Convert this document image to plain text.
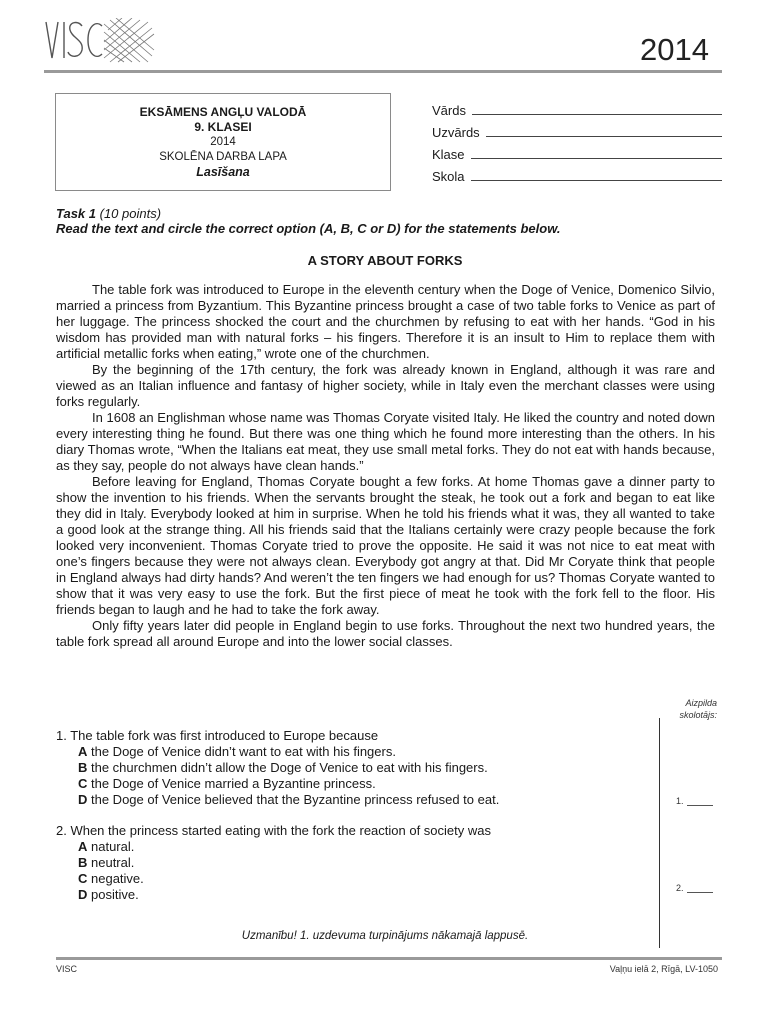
2014
EKSĀMENS ANGĻU VALODĀ
9. KLASEI
2014
SKOLĒNA DARBA LAPA
Lasīšana
Vārds
Uzvārds
Klase
Skola
Task 1 (10 points)
Read the text and circle the correct option (A, B, C or D) for the statements below.
A STORY ABOUT FORKS

The table fork was introduced to Europe in the eleventh century when the Doge of Venice, Domenico Silvio, married a princess from Byzantium. This Byzantine princess brought a case of two table forks to Venice as part of her luggage. The princess shocked the court and the churchmen by refusing to eat with her hands. “God in his wisdom has provided man with natural forks – his fingers. Therefore it is an insult to Him to replace them with artificial metallic forks when eating,” wrote one of the churchmen.

By the beginning of the 17th century, the fork was already known in England, although it was rare and viewed as an Italian influence and fantasy of higher society, while in Italy even the merchant classes were using forks regularly.

In 1608 an Englishman whose name was Thomas Coryate visited Italy. He liked the country and noted down every interesting thing he found. But there was one thing which he found more interesting than the others. In his diary Thomas wrote, “When the Italians eat meat, they use small metal forks. They do not eat with hands because, as they say, people do not always have clean hands.”

Before leaving for England, Thomas Coryate bought a few forks. At home Thomas gave a dinner party to show the invention to his friends. When the servants brought the steak, he took out a fork and began to eat like they did in Italy. Everybody looked at him in surprise. When he told his friends what it was, they all wanted to take a good look at the strange thing. All his friends said that the Italians certainly were crazy people because the fork looked very inconvenient. Thomas Coryate tried to prove the opposite. He said it was not nice to eat meat with one’s fingers because they were not always clean. Everybody got angry at that. Did Mr Coryate think that people in England always had dirty hands? And weren’t the ten fingers we had enough for us? Thomas Coryate wanted to show that it was very easy to use the fork. But the first piece of meat he took with the fork fell to the floor. His friends began to laugh and he had to take the fork away.

Only fifty years later did people in England begin to use forks. Throughout the next two hundred years, the table fork spread all around Europe and into the lower social classes.

Aizpilda
skolotājs:
1. The table fork was first introduced to Europe because
A the Doge of Venice didn’t want to eat with his fingers.
B the churchmen didn’t allow the Doge of Venice to eat with his fingers.
C the Doge of Venice married a Byzantine princess.
D the Doge of Venice believed that the Byzantine princess refused to eat.	1.
2. When the princess started eating with the fork the reaction of society was
A natural.
B neutral.
C negative.
D positive.	2.
Uzmanību! 1. uzdevuma turpinājums nākamajā lappusē.
VISC	Vaļņu ielā 2, Rīgā, LV-1050
